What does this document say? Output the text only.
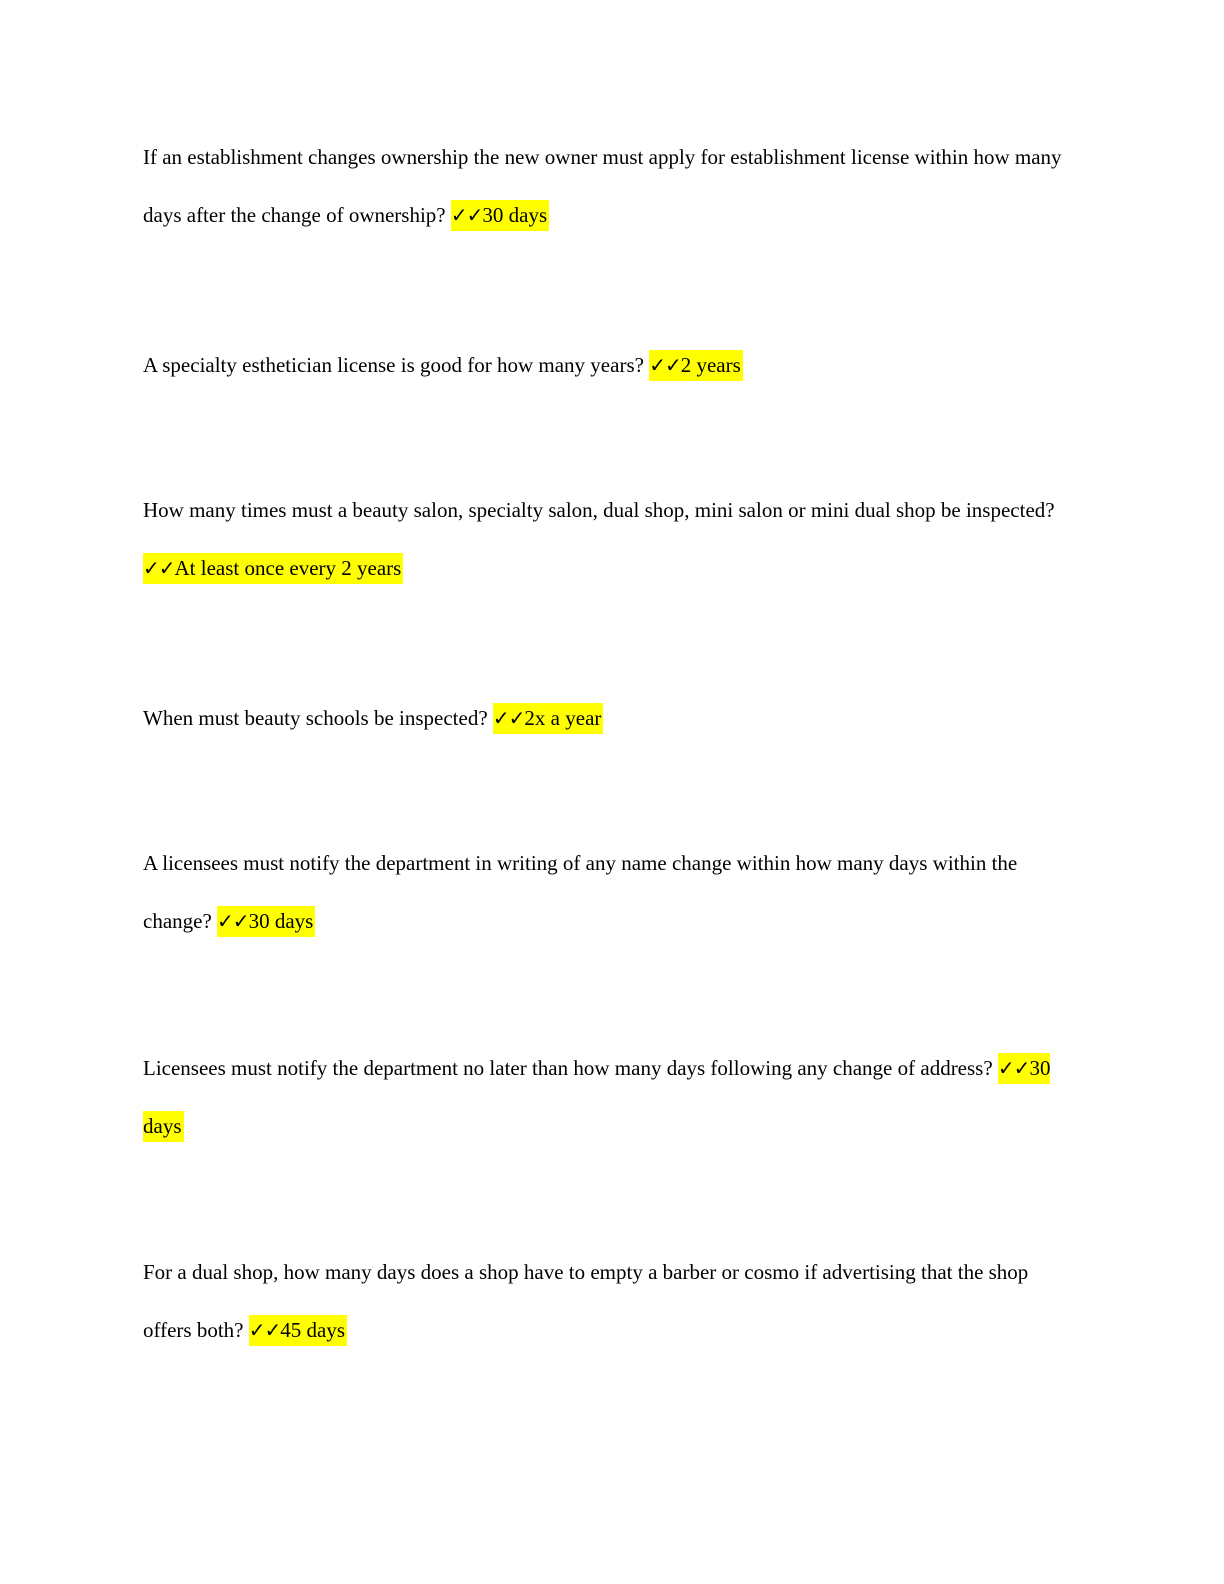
If an establishment changes ownership the new owner must apply for establishment license within how many days after the change of ownership? ✓✓30 days

A specialty esthetician license is good for how many years? ✓✓2 years

How many times must a beauty salon, specialty salon, dual shop, mini salon or mini dual shop be inspected? ✓✓At least once every 2 years

When must beauty schools be inspected? ✓✓2x a year

A licensees must notify the department in writing of any name change within how many days within the change? ✓✓30 days

Licensees must notify the department no later than how many days following any change of address? ✓✓30 days

For a dual shop, how many days does a shop have to empty a barber or cosmo if advertising that the shop offers both? ✓✓45 days
